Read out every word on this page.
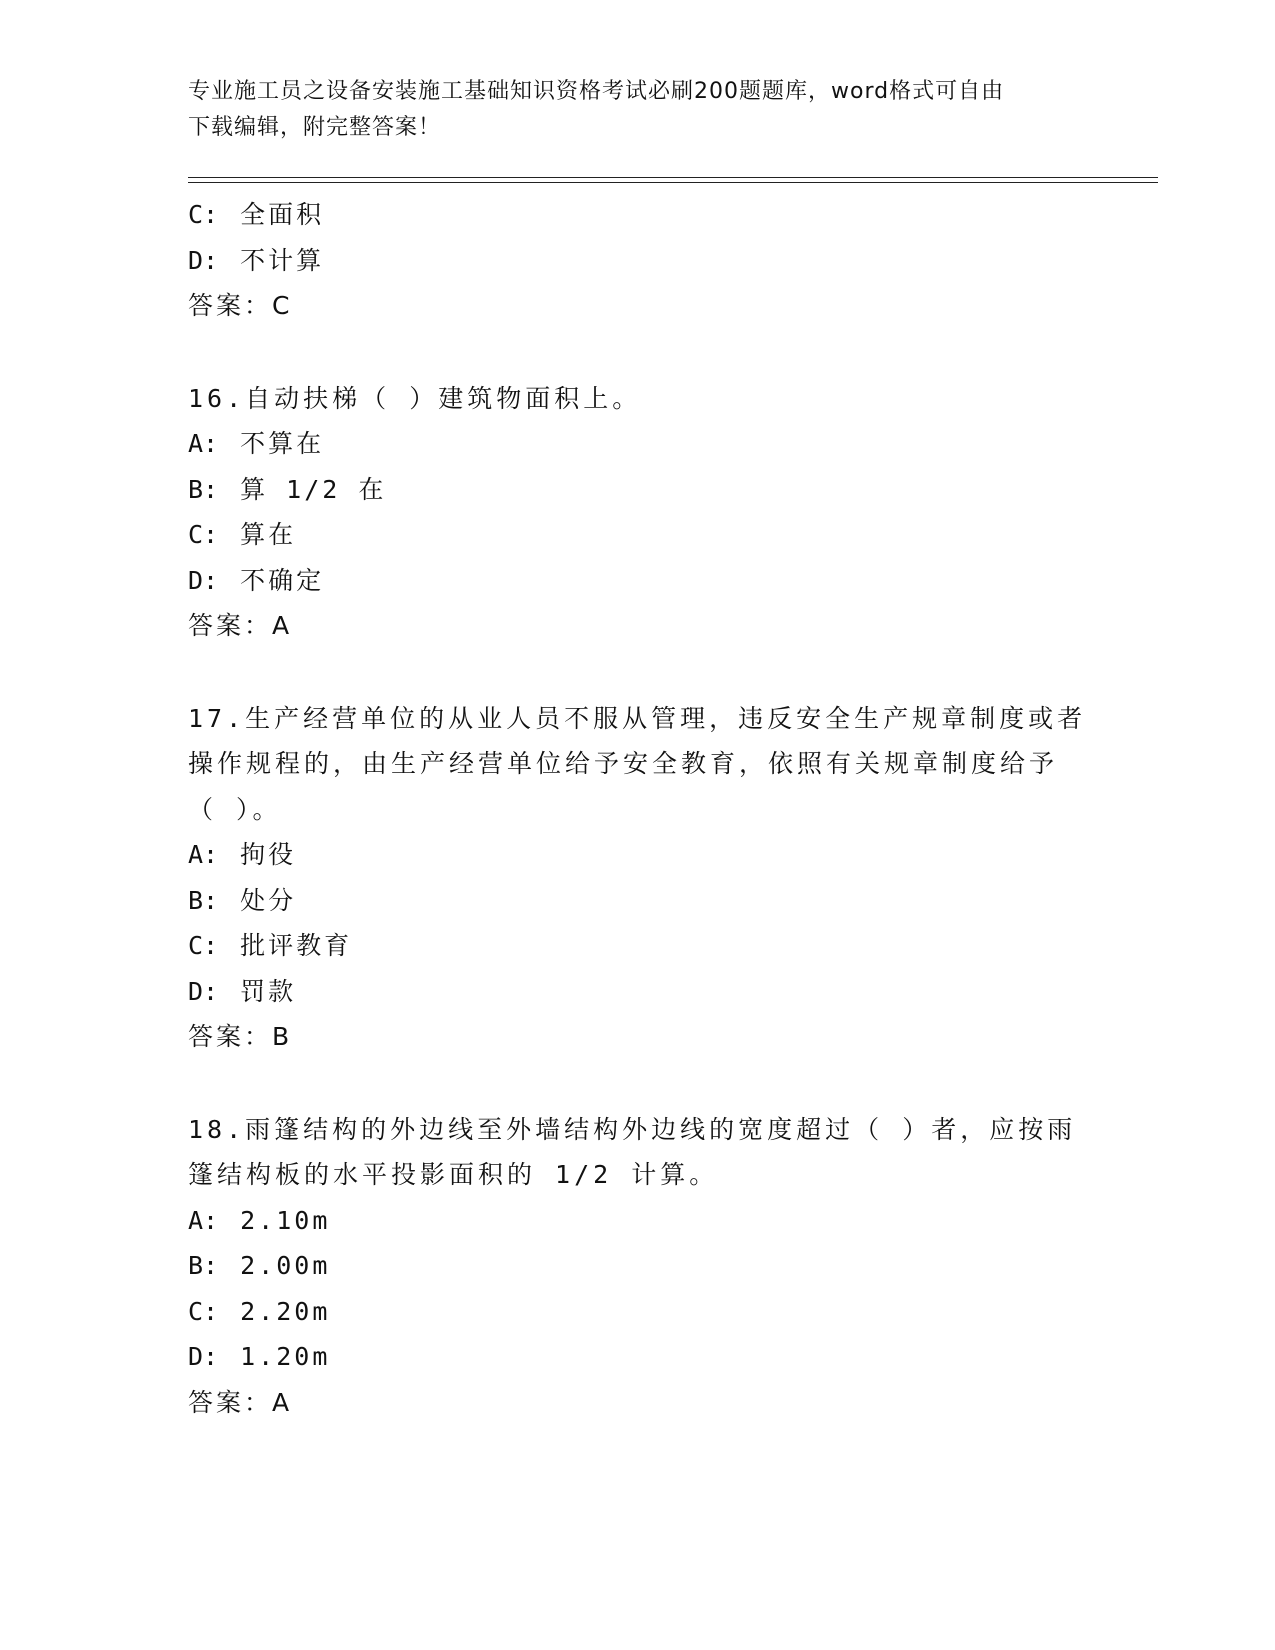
专业施工员之设备安装施工基础知识资格考试必刷200题题库，word格式可自由
下载编辑，附完整答案！
C: 全面积
D: 不计算
答案：C
16.自动扶梯（ ）建筑物面积上。
A: 不算在
B: 算 1/2 在
C: 算在
D: 不确定
答案：A
17.生产经营单位的从业人员不服从管理，违反安全生产规章制度或者
操作规程的，由生产经营单位给予安全教育，依照有关规章制度给予
（ ）。
A: 拘役
B: 处分
C: 批评教育
D: 罚款
答案：B
18.雨篷结构的外边线至外墙结构外边线的宽度超过（ ）者，应按雨
篷结构板的水平投影面积的 1/2 计算。
A: 2.10m
B: 2.00m
C: 2.20m
D: 1.20m
答案：A
